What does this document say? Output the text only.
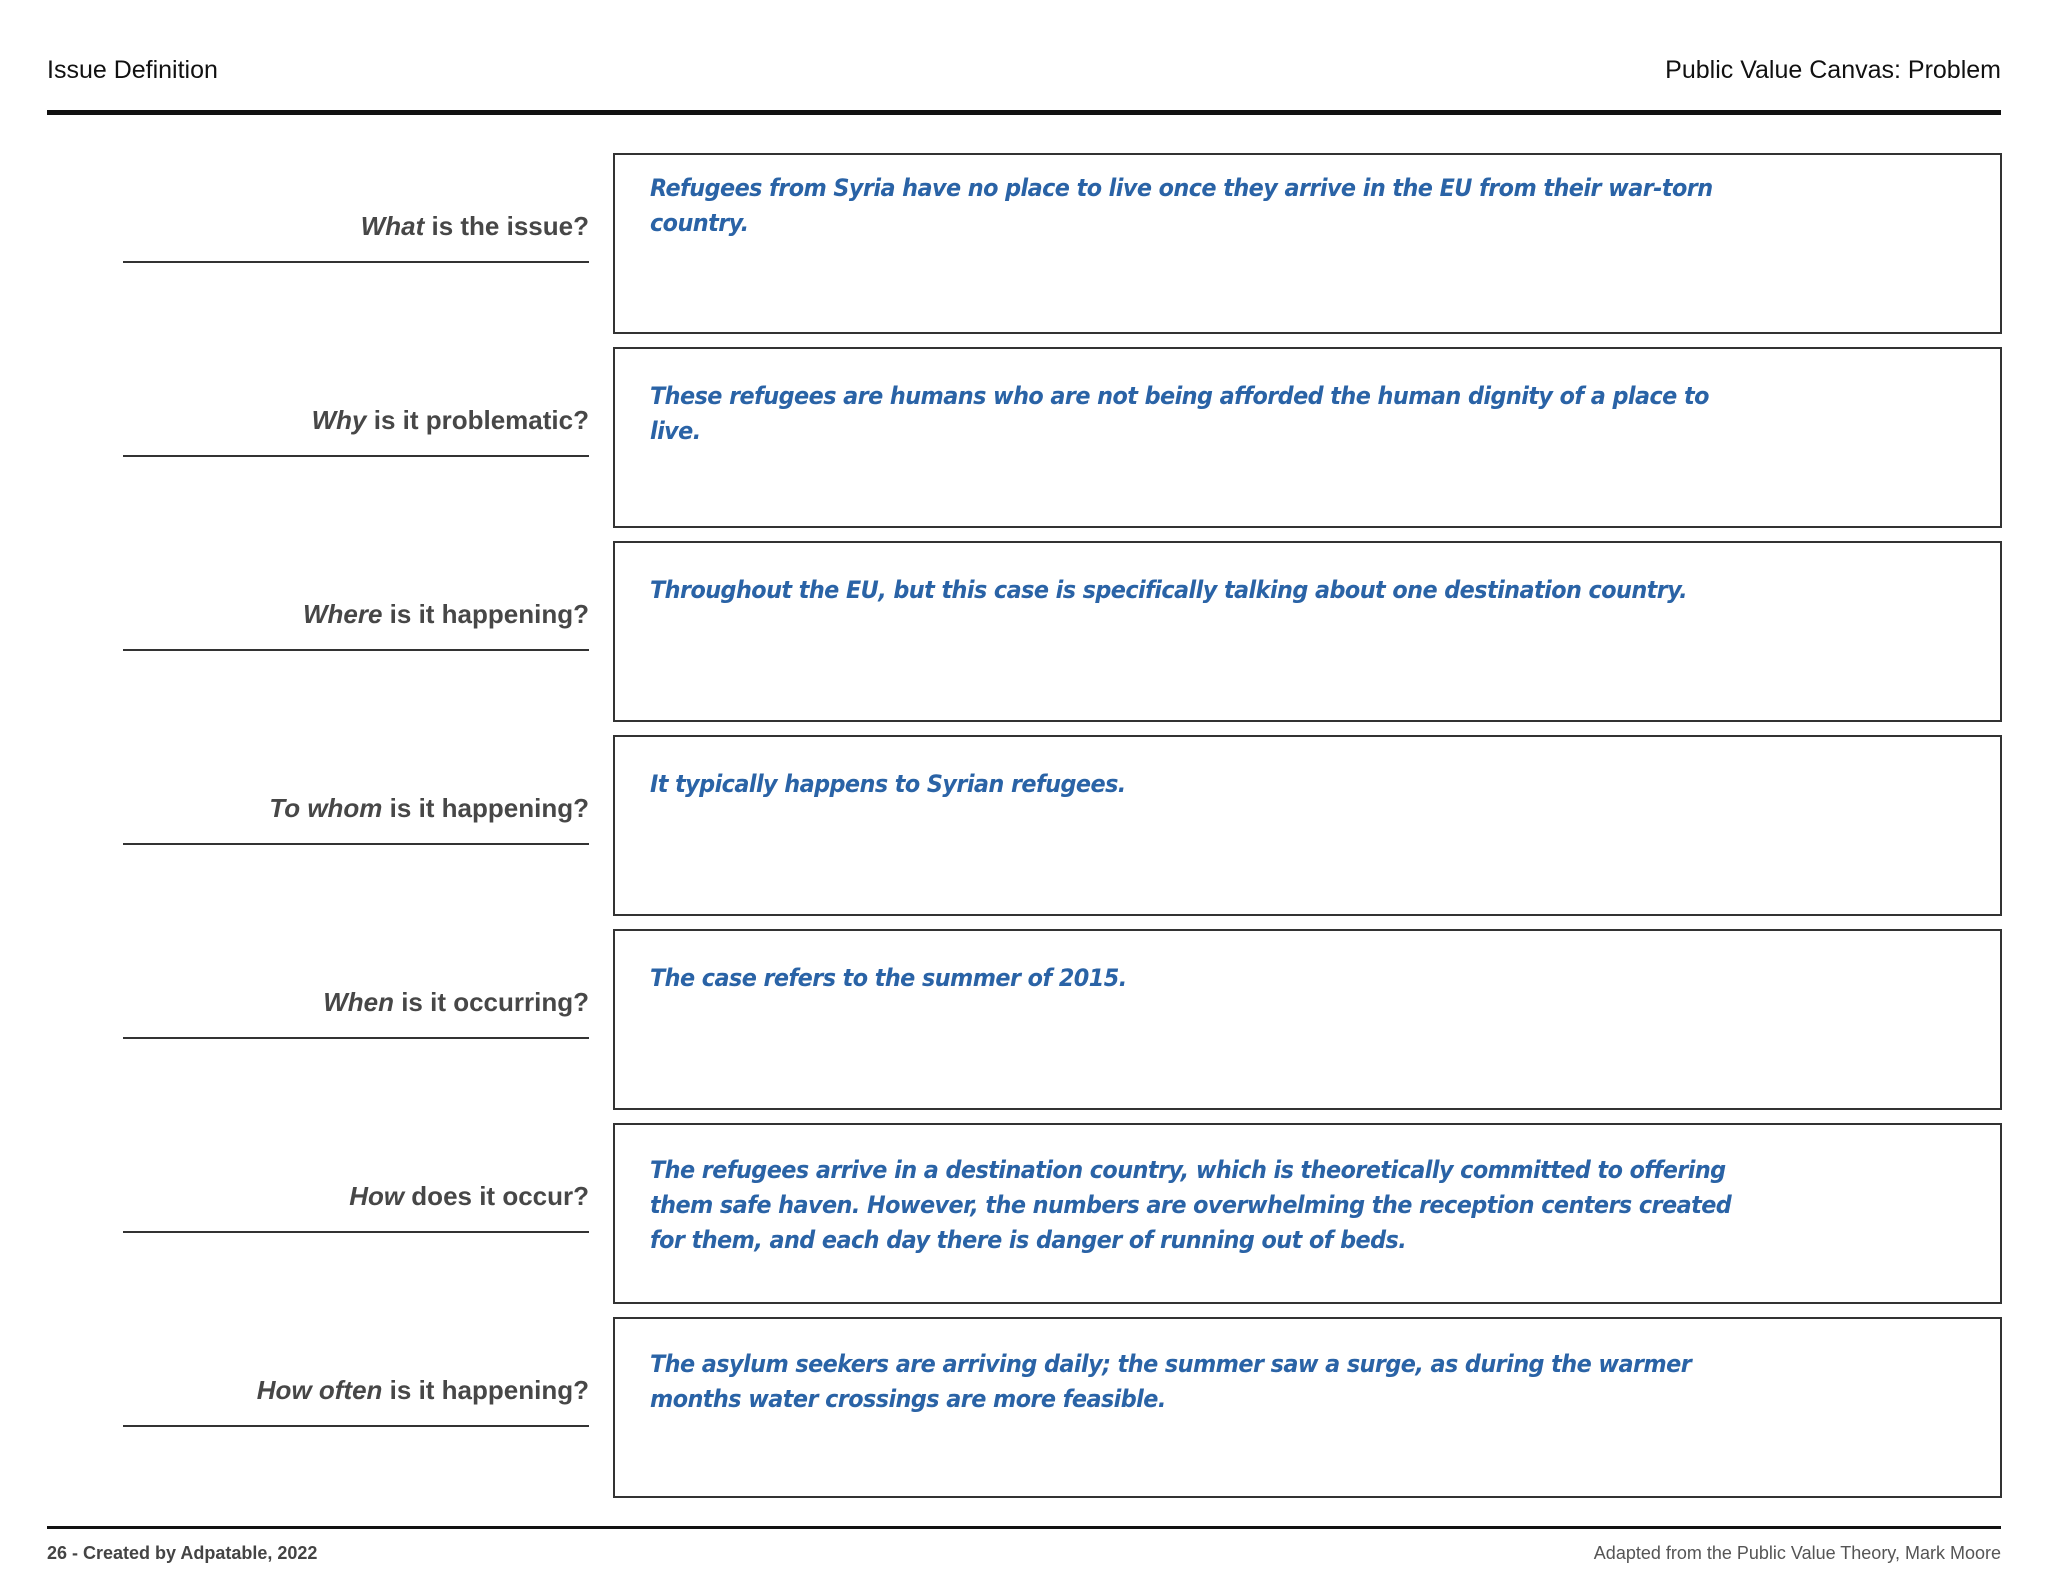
Issue Definition	Public Value Canvas: Problem
What is the issue?
Refugees from Syria have no place to live once they arrive in the EU from their war-torn country.
Why is it problematic?
These refugees are humans who are not being afforded the human dignity of a place to live.
Where is it happening?
Throughout the EU, but this case is specifically talking about one destination country.
To whom is it happening?
It typically happens to Syrian refugees.
When is it occurring?
The case refers to the summer of 2015.
How does it occur?
The refugees arrive in a destination country, which is theoretically committed to offering them safe haven. However, the numbers are overwhelming the reception centers created for them, and each day there is danger of running out of beds.
How often is it happening?
The asylum seekers are arriving daily; the summer saw a surge, as during the warmer months water crossings are more feasible.
26 - Created by Adpatable, 2022	Adapted from the Public Value Theory, Mark Moore
